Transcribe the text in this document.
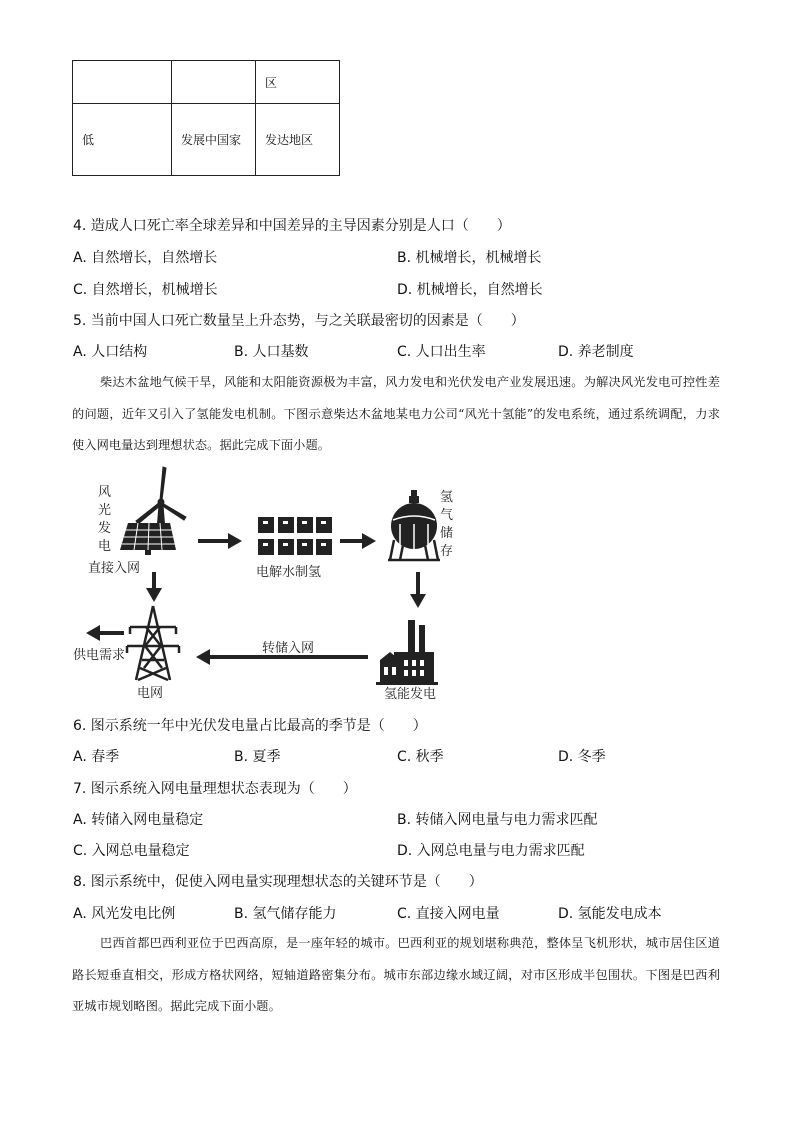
		区
低	发展中国家	发达地区
4. 造成人口死亡率全球差异和中国差异的主导因素分别是人口（　　）
A. 自然增长，自然增长	B. 机械增长，机械增长
C. 自然增长，机械增长	D. 机械增长，自然增长
5. 当前中国人口死亡数量呈上升态势，与之关联最密切的因素是（　　）
A. 人口结构	B. 人口基数	C. 人口出生率	D. 养老制度
柴达木盆地气候干旱，风能和太阳能资源极为丰富，风力发电和光伏发电产业发展迅速。为解决风光发电可控性差的问题，近年又引入了氢能发电机制。下图示意柴达木盆地某电力公司“风光十氢能”的发电系统，通过系统调配，力求使入网电量达到理想状态。据此完成下面小题。
风光发电
直接入网	电解水制氢
氢气储存
转储入网
供电需求
电网	氢能发电
6. 图示系统一年中光伏发电量占比最高的季节是（　　）
A. 春季	B. 夏季	C. 秋季	D. 冬季
7. 图示系统入网电量理想状态表现为（　　）
A. 转储入网电量稳定	B. 转储入网电量与电力需求匹配
C. 入网总电量稳定	D. 入网总电量与电力需求匹配
8. 图示系统中，促使入网电量实现理想状态的关键环节是（　　）
A. 风光发电比例	B. 氢气储存能力	C. 直接入网电量	D. 氢能发电成本
巴西首都巴西利亚位于巴西高原，是一座年轻的城市。巴西利亚的规划堪称典范，整体呈飞机形状，城市居住区道路长短垂直相交，形成方格状网络，短轴道路密集分布。城市东部边缘水域辽阔，对市区形成半包围状。下图是巴西利亚城市规划略图。据此完成下面小题。
